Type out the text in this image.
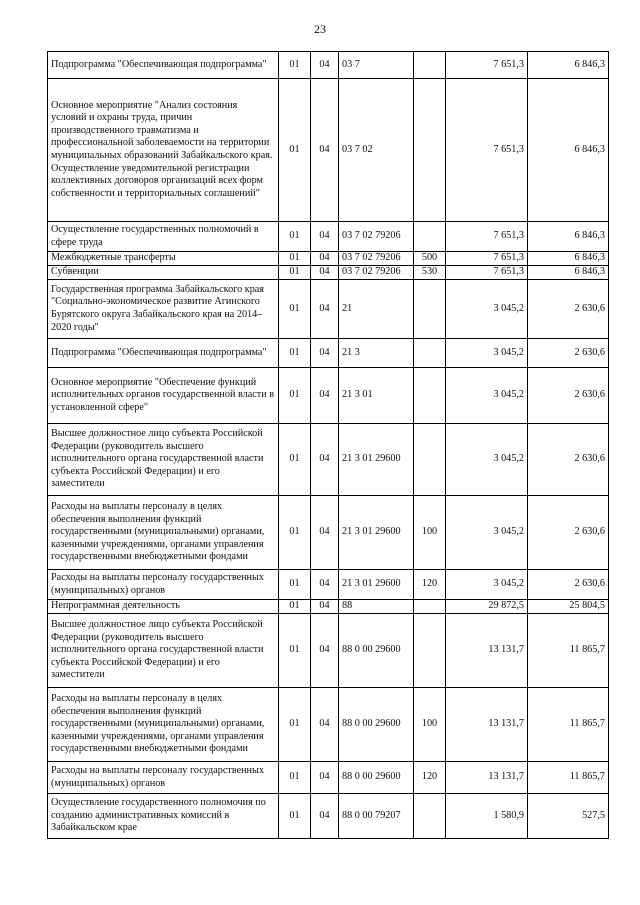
23
Подпрограмма "Обеспечивающая подпрограмма"	01	04	03 7		7 651,3	6 846,3
Основное мероприятие "Анализ состояния условий и охраны труда, причин производственного травматизма и профессиональной заболеваемости на территории муниципальных образований Забайкальского края. Осуществление уведомительной регистрации коллективных договоров организаций всех форм собственности и территориальных соглашений"	01	04	03 7 02		7 651,3	6 846,3
Осуществление государственных полномочий в сфере труда	01	04	03 7 02 79206		7 651,3	6 846,3
Межбюджетные трансферты	01	04	03 7 02 79206	500	7 651,3	6 846,3
Субвенции	01	04	03 7 02 79206	530	7 651,3	6 846,3
Государственная программа Забайкальского края "Социально-экономическое развитие Агинского Бурятского округа Забайкальского края на 2014–2020 годы"	01	04	21		3 045,2	2 630,6
Подпрограмма "Обеспечивающая подпрограмма"	01	04	21 3		3 045,2	2 630,6
Основное мероприятие "Обеспечение функций исполнительных органов государственной власти в установленной сфере"	01	04	21 3 01		3 045,2	2 630,6
Высшее должностное лицо субъекта Российской Федерации (руководитель высшего исполнительного органа государственной власти субъекта Российской Федерации) и его заместители	01	04	21 3 01 29600		3 045,2	2 630,6
Расходы на выплаты персоналу в целях обеспечения выполнения функций государственными (муниципальными) органами, казенными учреждениями, органами управления государственными внебюджетными фондами	01	04	21 3 01 29600	100	3 045,2	2 630,6
Расходы на выплаты персоналу государственных (муниципальных) органов	01	04	21 3 01 29600	120	3 045,2	2 630,6
Непрограммная деятельность	01	04	88		29 872,5	25 804,5
Высшее должностное лицо субъекта Российской Федерации (руководитель высшего исполнительного органа государственной власти субъекта Российской Федерации) и его заместители	01	04	88 0 00 29600		13 131,7	11 865,7
Расходы на выплаты персоналу в целях обеспечения выполнения функций государственными (муниципальными) органами, казенными учреждениями, органами управления государственными внебюджетными фондами	01	04	88 0 00 29600	100	13 131,7	11 865,7
Расходы на выплаты персоналу государственных (муниципальных) органов	01	04	88 0 00 29600	120	13 131,7	11 865,7
Осуществление государственного полномочия по созданию административных комиссий в Забайкальском крае	01	04	88 0 00 79207		1 580,9	527,5
